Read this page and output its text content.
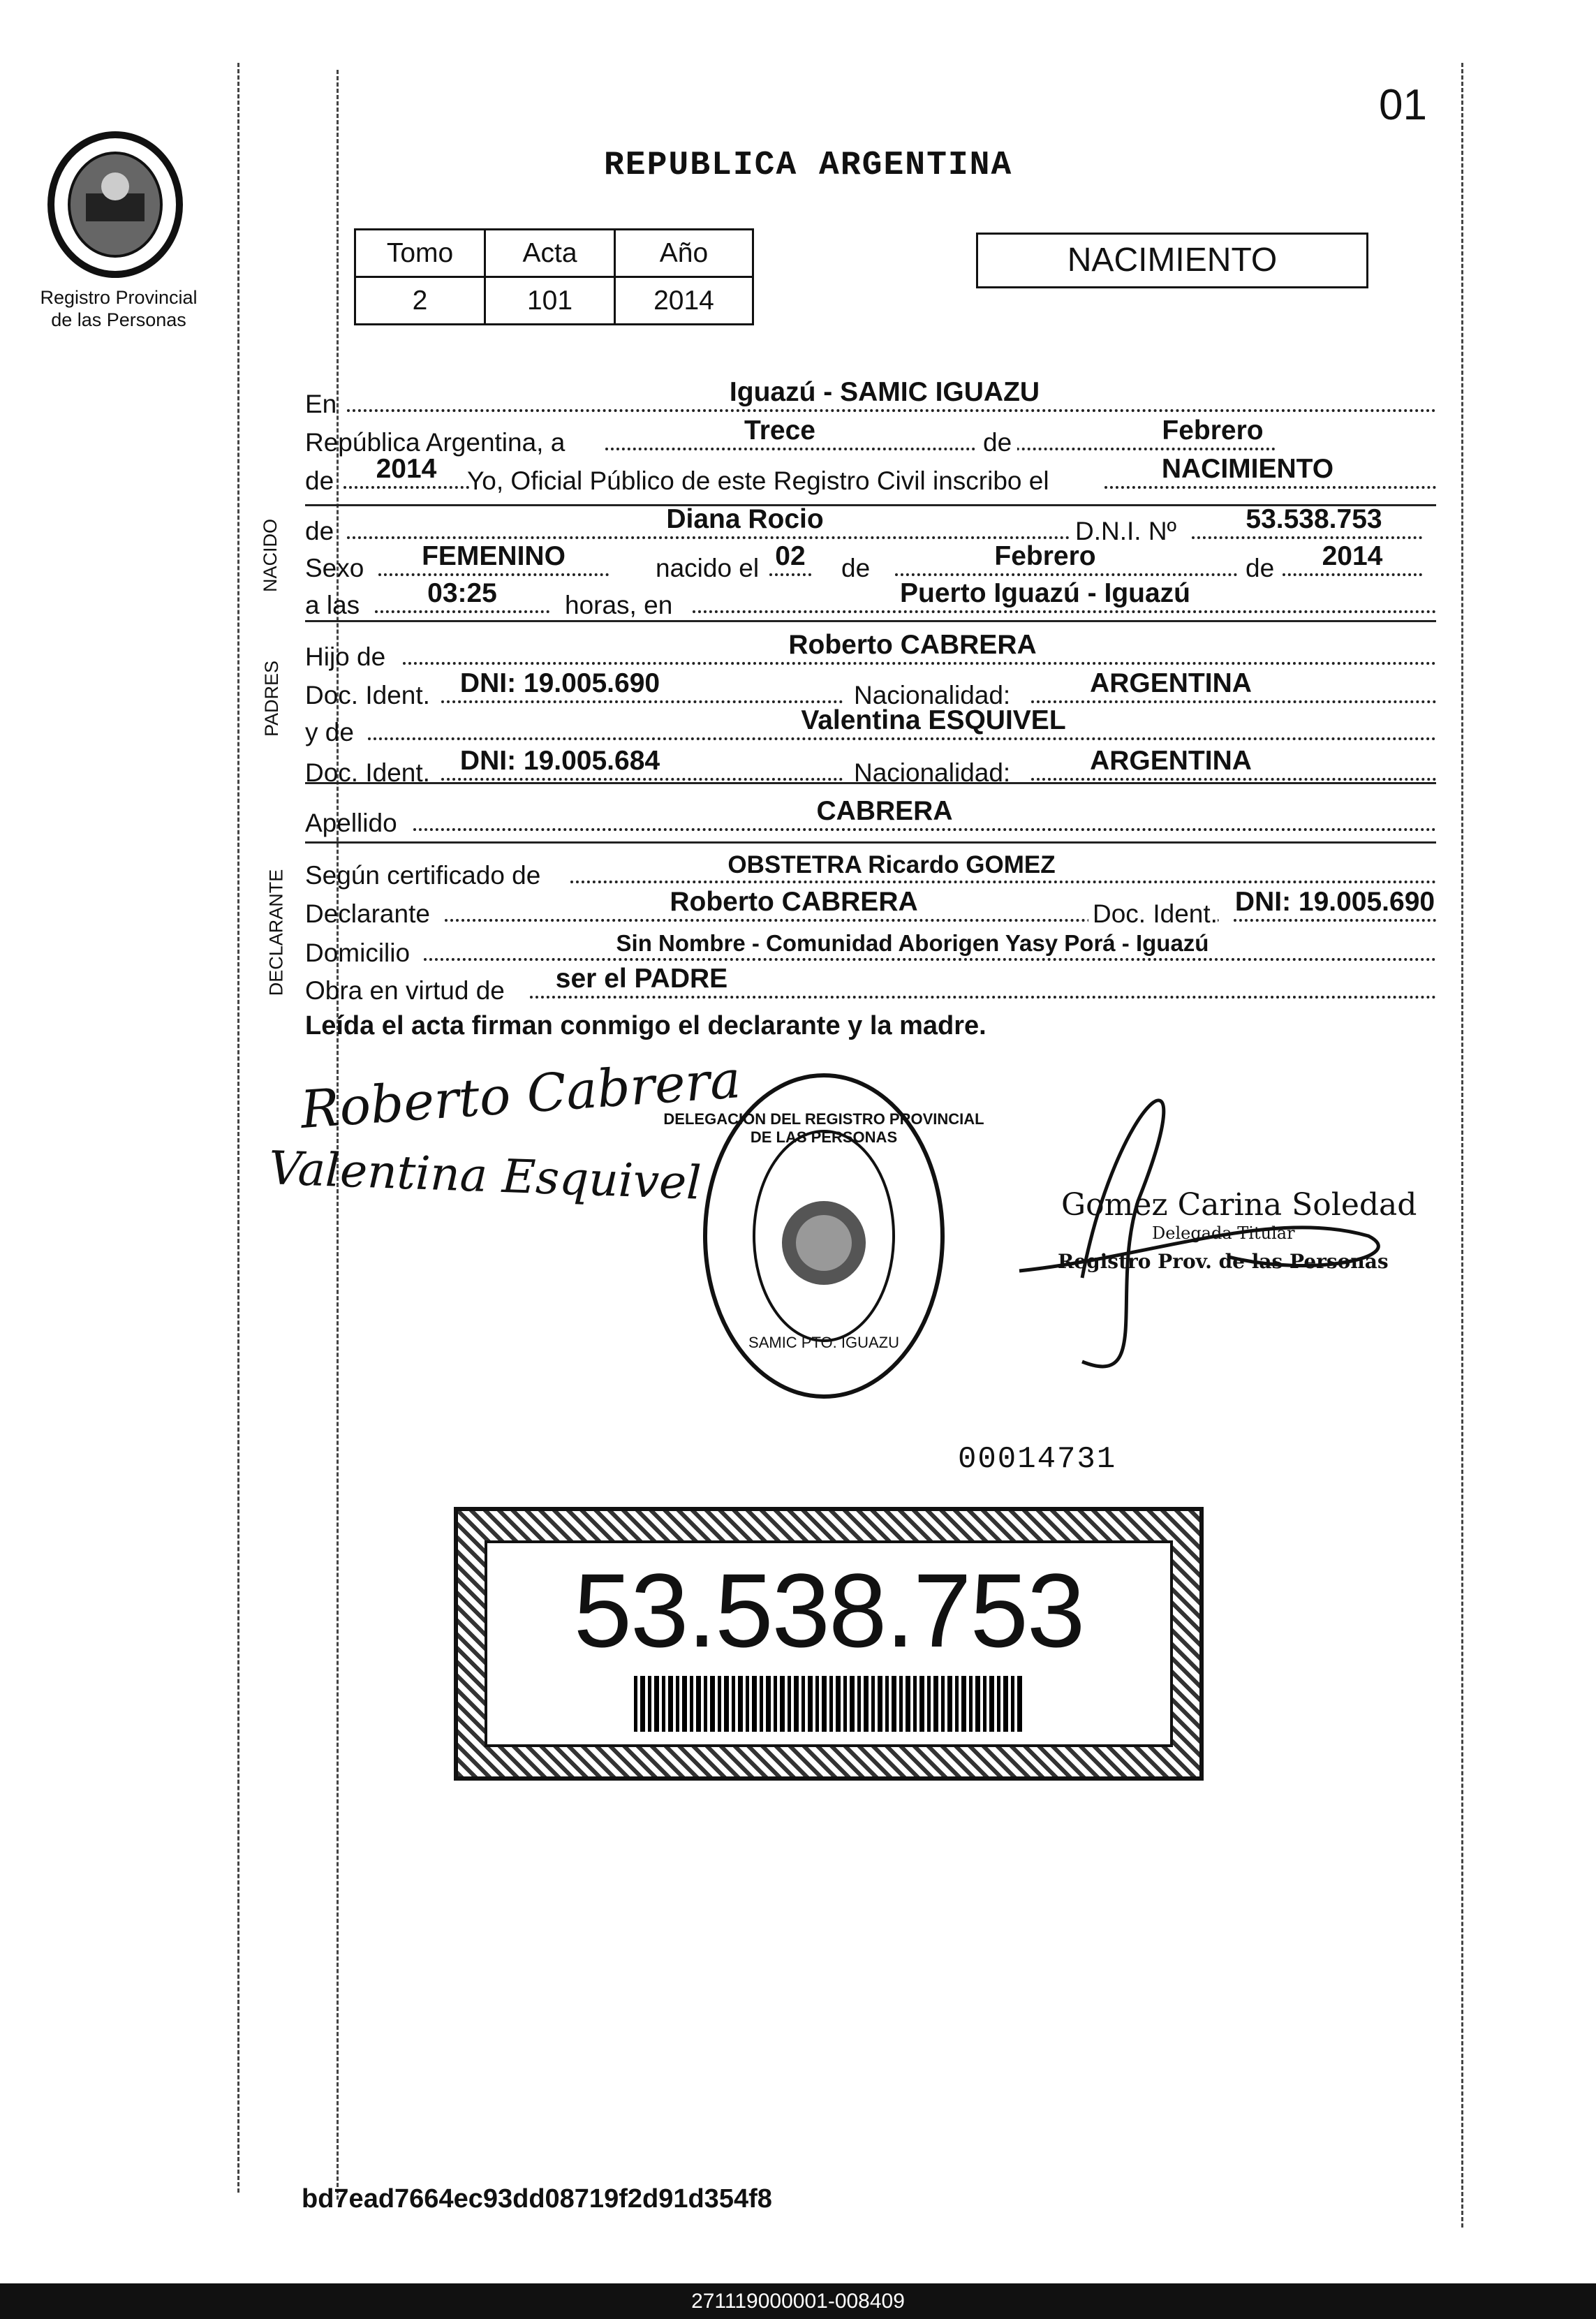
01
Registro Provincial de las Personas
REPUBLICA ARGENTINA
Tomo	Acta	Año
2	101	2014
NACIMIENTO
NACIDO
PADRES
DECLARANTE
En	Iguazú - SAMIC IGUAZU
República Argentina, a	Trece	de	Febrero
de	2014	Yo, Oficial Público de este Registro Civil inscribo el	NACIMIENTO
de	Diana Rocio	D.N.I. Nº	53.538.753
Sexo	FEMENINO	nacido el 02 de	Febrero	de	2014
a las	03:25	horas, en	Puerto Iguazú - Iguazú
Hijo de	Roberto CABRERA
Doc. Ident.	DNI: 19.005.690	Nacionalidad:	ARGENTINA
y de	Valentina ESQUIVEL
Doc. Ident.	DNI: 19.005.684	Nacionalidad:	ARGENTINA
Apellido	CABRERA
Según certificado de	OBSTETRA Ricardo GOMEZ
Declarante	Roberto CABRERA	Doc. Ident. DNI: 19.005.690
Domicilio	Sin Nombre - Comunidad Aborigen Yasy Porá - Iguazú
Obra en virtud de	ser el PADRE
Leída el acta firman conmigo el declarante y la madre.
Roberto Cabrera
Valentina Esquivel
DELEGACION DEL REGISTRO PROVINCIAL DE LAS PERSONAS
SAMIC PTO. IGUAZU
Gomez Carina Soledad
Delegada Titular
Registro Prov. de las Personas
00014731
53.538.753
bd7ead7664ec93dd08719f2d91d354f8
271119000001-008409
